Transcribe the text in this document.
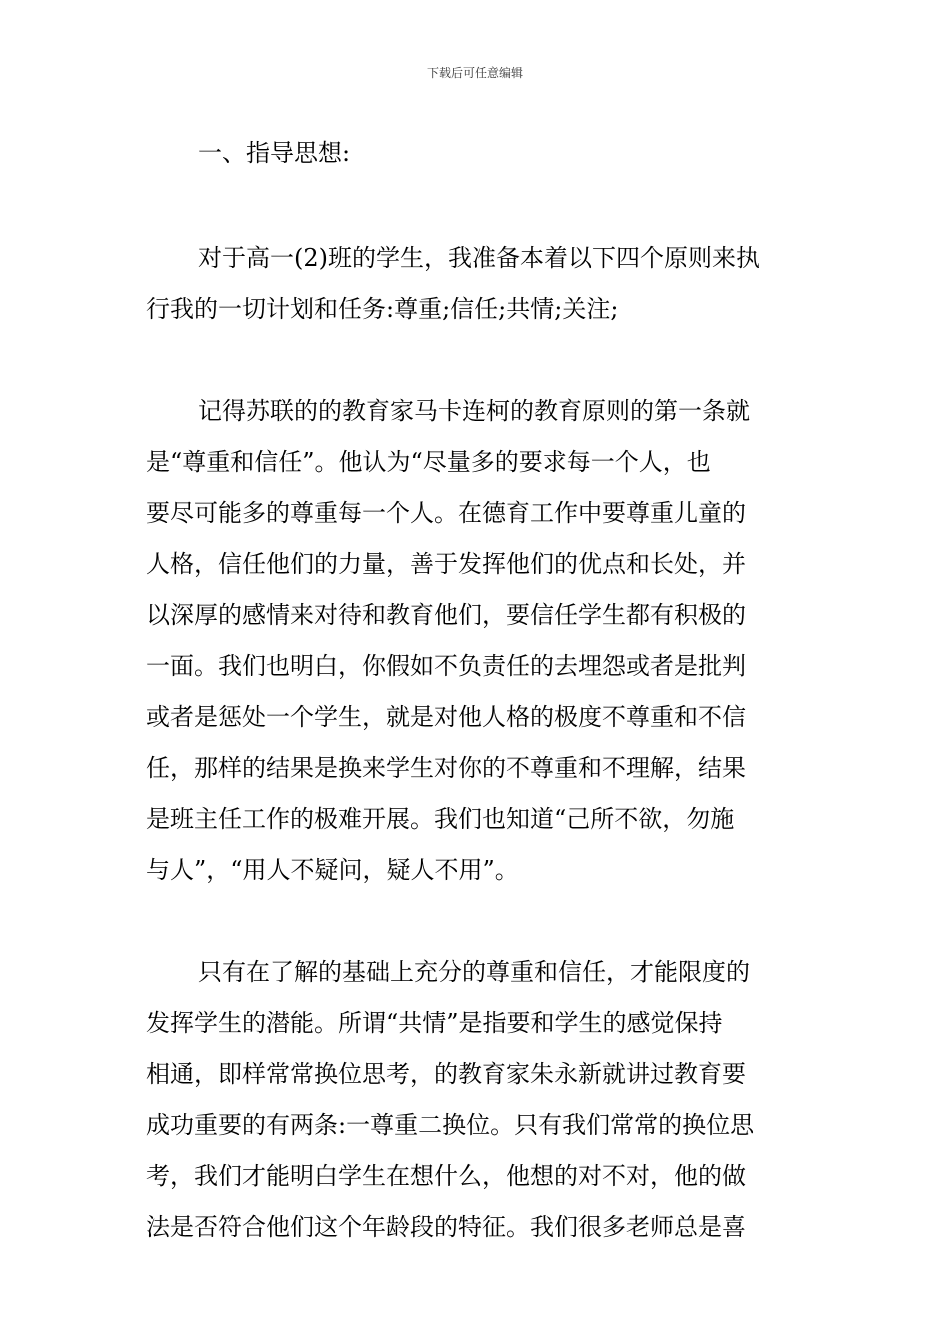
下载后可任意编辑
一、指导思想:
对于高一(2)班的学生，我准备本着以下四个原则来执
行我的一切计划和任务:尊重;信任;共情;关注;
记得苏联的的教育家马卡连柯的教育原则的第一条就
是“尊重和信任”。他认为“尽量多的要求每一个人，也
要尽可能多的尊重每一个人。在德育工作中要尊重儿童的
人格，信任他们的力量，善于发挥他们的优点和长处，并
以深厚的感情来对待和教育他们，要信任学生都有积极的
一面。我们也明白，你假如不负责任的去埋怨或者是批判
或者是惩处一个学生，就是对他人格的极度不尊重和不信
任，那样的结果是换来学生对你的不尊重和不理解，结果
是班主任工作的极难开展。我们也知道“己所不欲，勿施
与人”，“用人不疑问，疑人不用”。
只有在了解的基础上充分的尊重和信任，才能限度的
发挥学生的潜能。所谓“共情”是指要和学生的感觉保持
相通，即样常常换位思考，的教育家朱永新就讲过教育要
成功重要的有两条:一尊重二换位。只有我们常常的换位思
考，我们才能明白学生在想什么，他想的对不对，他的做
法是否符合他们这个年龄段的特征。我们很多老师总是喜
